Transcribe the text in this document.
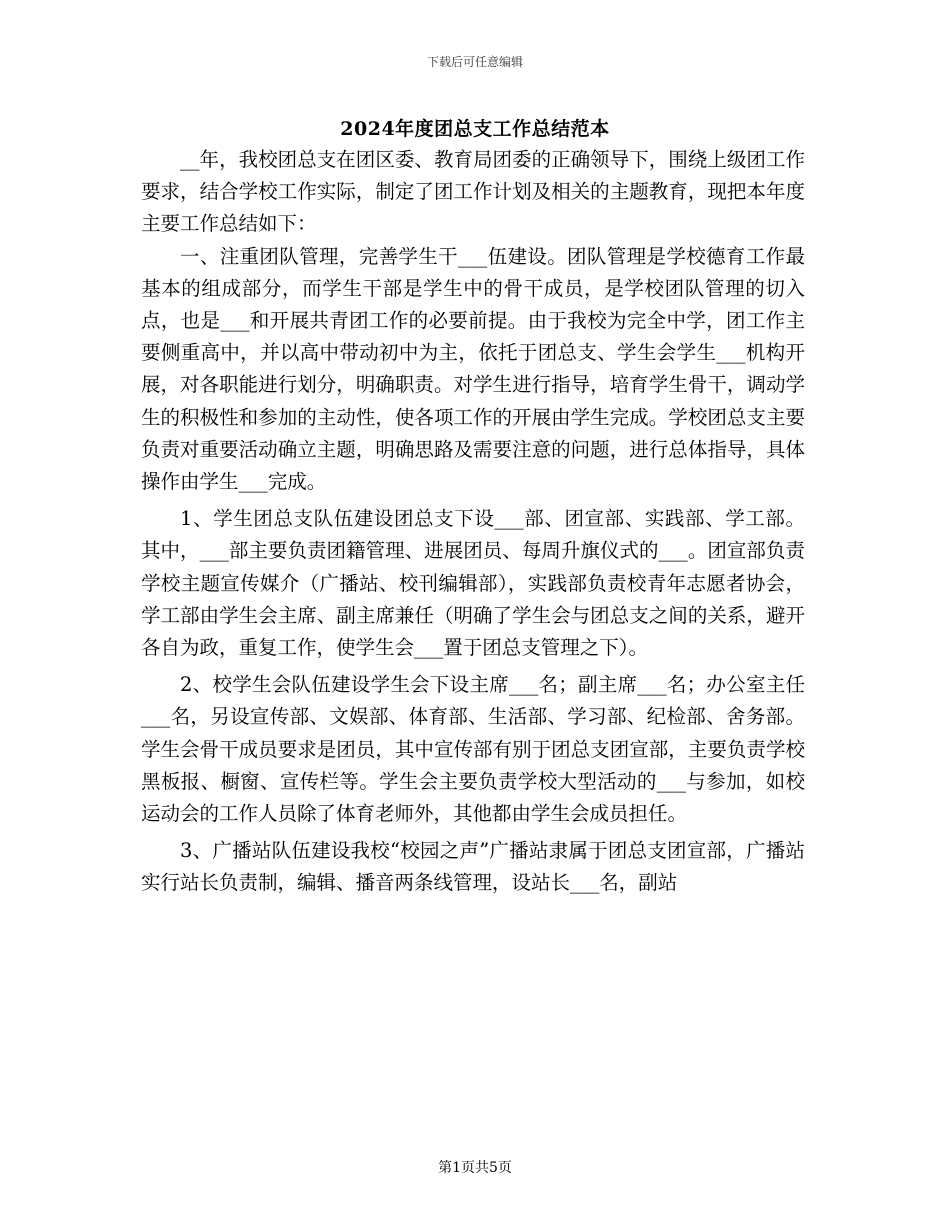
下载后可任意编辑
2024年度团总支工作总结范本

__年，我校团总支在团区委、教育局团委的正确领导下，围绕上级团工作要求，结合学校工作实际，制定了团工作计划及相关的主题教育，现把本年度主要工作总结如下：

一、注重团队管理，完善学生干___伍建设。团队管理是学校德育工作最基本的组成部分，而学生干部是学生中的骨干成员，是学校团队管理的切入点，也是___和开展共青团工作的必要前提。由于我校为完全中学，团工作主要侧重高中，并以高中带动初中为主，依托于团总支、学生会学生___机构开展，对各职能进行划分，明确职责。对学生进行指导，培育学生骨干，调动学生的积极性和参加的主动性，使各项工作的开展由学生完成。学校团总支主要负责对重要活动确立主题，明确思路及需要注意的问题，进行总体指导，具体操作由学生___完成。

1、学生团总支队伍建设团总支下设___部、团宣部、实践部、学工部。其中，___部主要负责团籍管理、进展团员、每周升旗仪式的___。团宣部负责学校主题宣传媒介（广播站、校刊编辑部），实践部负责校青年志愿者协会，学工部由学生会主席、副主席兼任（明确了学生会与团总支之间的关系，避开各自为政，重复工作，使学生会___置于团总支管理之下）。

2、校学生会队伍建设学生会下设主席___名；副主席___名；办公室主任___名，另设宣传部、文娱部、体育部、生活部、学习部、纪检部、舍务部。学生会骨干成员要求是团员，其中宣传部有别于团总支团宣部，主要负责学校黑板报、橱窗、宣传栏等。学生会主要负责学校大型活动的___与参加，如校运动会的工作人员除了体育老师外，其他都由学生会成员担任。

3、广播站队伍建设我校“校园之声”广播站隶属于团总支团宣部，广播站实行站长负责制，编辑、播音两条线管理，设站长___名，副站

第1页共5页
